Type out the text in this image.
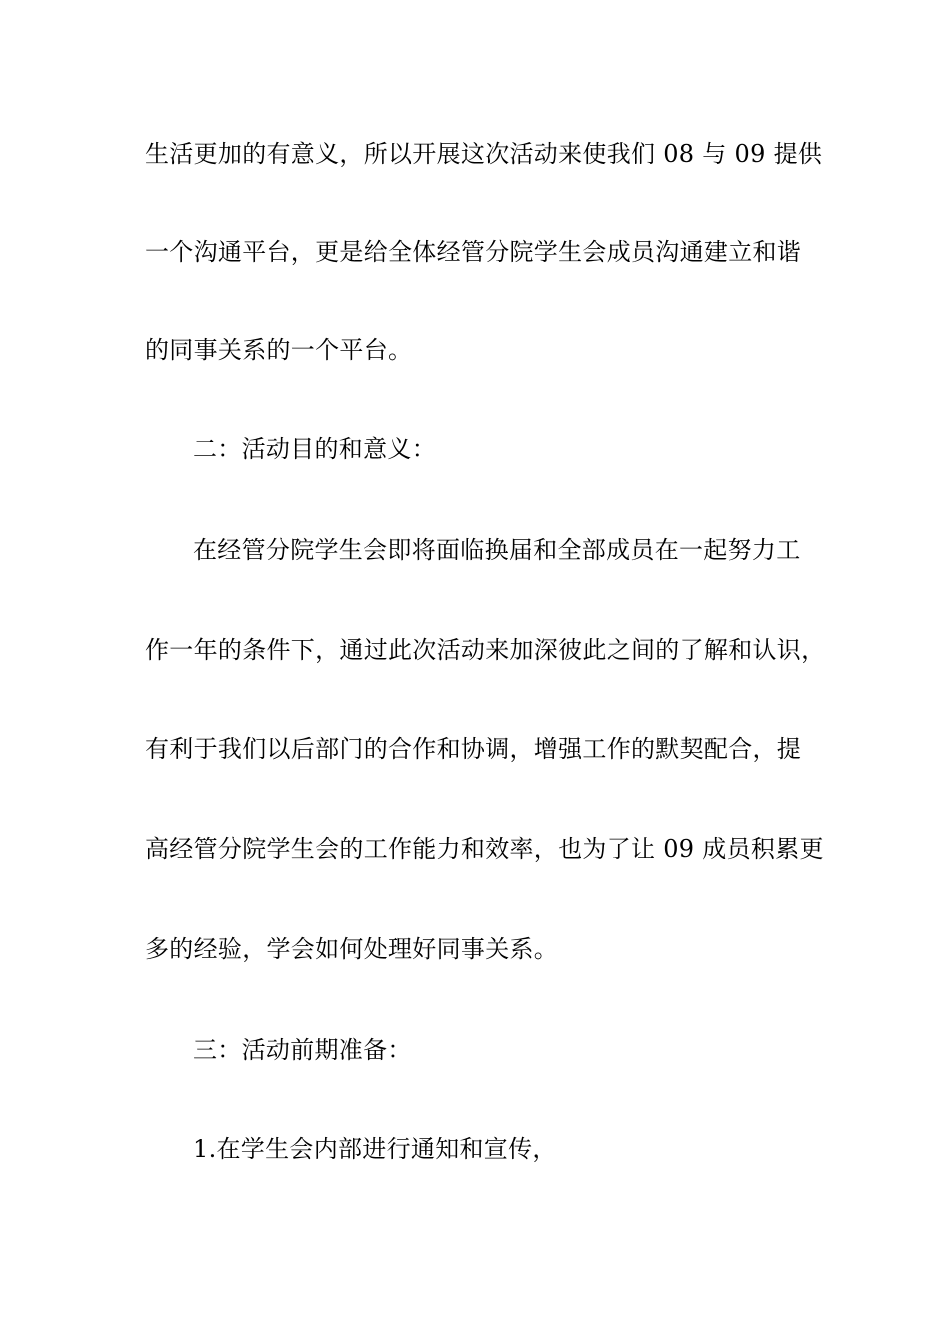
生活更加的有意义，所以开展这次活动来使我们 08 与 09 提供
一个沟通平台，更是给全体经管分院学生会成员沟通建立和谐
的同事关系的一个平台。
二：活动目的和意义：
在经管分院学生会即将面临换届和全部成员在一起努力工
作一年的条件下，通过此次活动来加深彼此之间的了解和认识，
有利于我们以后部门的合作和协调，增强工作的默契配合，提
高经管分院学生会的工作能力和效率，也为了让 09 成员积累更
多的经验，学会如何处理好同事关系。
三：活动前期准备：
1.在学生会内部进行通知和宣传，
